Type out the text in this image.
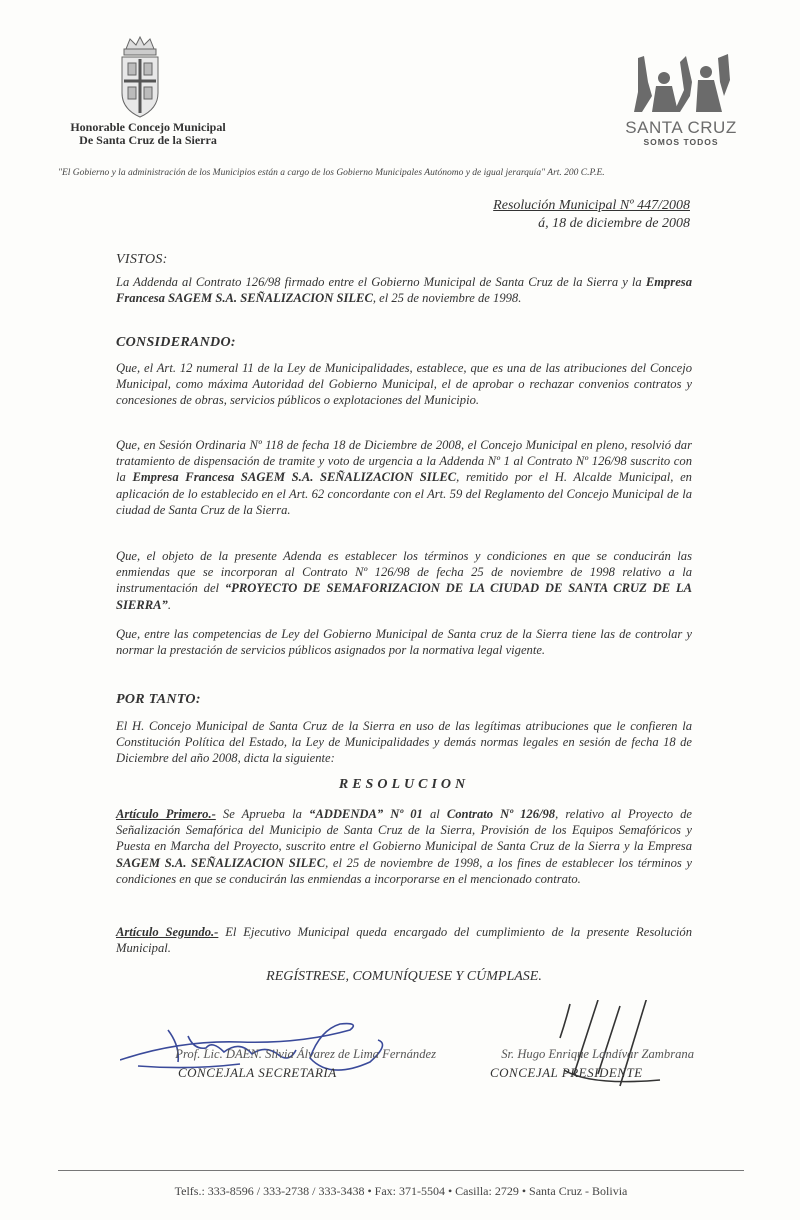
Honorable Concejo Municipal
De Santa Cruz de la Sierra
SANTA CRUZ
SOMOS TODOS
"El Gobierno y la administración de los Municipios están a cargo de los Gobierno Municipales Autónomo y de igual jerarquía" Art. 200 C.P.E.
Resolución Municipal Nº 447/2008
á, 18 de diciembre de 2008
VISTOS:
La Addenda al Contrato 126/98 firmado entre el Gobierno Municipal de Santa Cruz de la Sierra y la Empresa Francesa SAGEM S.A. SEÑALIZACION SILEC, el 25 de noviembre de 1998.
CONSIDERANDO:
Que, el Art. 12 numeral 11 de la Ley de Municipalidades, establece, que es una de las atribuciones del Concejo Municipal, como máxima Autoridad del Gobierno Municipal, el de aprobar o rechazar convenios contratos y concesiones de obras, servicios públicos o explotaciones del Municipio.
Que, en Sesión Ordinaria Nº 118 de fecha 18 de Diciembre de 2008, el Concejo Municipal en pleno, resolvió dar tratamiento de dispensación de tramite y voto de urgencia a la Addenda Nº 1 al Contrato Nº 126/98 suscrito con la Empresa Francesa SAGEM S.A. SEÑALIZACION SILEC, remitido por el H. Alcalde Municipal, en aplicación de lo establecido en el Art. 62 concordante con el Art. 59 del Reglamento del Concejo Municipal de la ciudad de Santa Cruz de la Sierra.
Que, el objeto de la presente Adenda es establecer los términos y condiciones en que se conducirán las enmiendas que se incorporan al Contrato Nº 126/98 de fecha 25 de noviembre de 1998 relativo a la instrumentación del “PROYECTO DE SEMAFORIZACION DE LA CIUDAD DE SANTA CRUZ DE LA SIERRA”.
Que, entre las competencias de Ley del Gobierno Municipal de Santa cruz de la Sierra tiene las de controlar y normar la prestación de servicios públicos asignados por la normativa legal vigente.
POR TANTO:
El H. Concejo Municipal de Santa Cruz de la Sierra en uso de las legítimas atribuciones que le confieren la Constitución Política del Estado, la Ley de Municipalidades y demás normas legales en sesión de fecha 18 de Diciembre del año 2008, dicta la siguiente:
RESOLUCION
Artículo Primero.- Se Aprueba la “ADDENDA” Nº 01 al Contrato Nº 126/98, relativo al Proyecto de Señalización Semafórica del Municipio de Santa Cruz de la Sierra, Provisión de los Equipos Semafóricos y Puesta en Marcha del Proyecto, suscrito entre el Gobierno Municipal de Santa Cruz de la Sierra y la Empresa SAGEM S.A. SEÑALIZACION SILEC, el 25 de noviembre de 1998, a los fines de establecer los términos y condiciones en que se conducirán las enmiendas a incorporarse en el mencionado contrato.
Artículo Segundo.- El Ejecutivo Municipal queda encargado del cumplimiento de la presente Resolución Municipal.
REGÍSTRESE, COMUNÍQUESE Y CÚMPLASE.
Prof. Lic. DAEN. Silvia Álvarez de Lima Fernández
CONCEJALA SECRETARIA
Sr. Hugo Enrique Landívar Zambrana
CONCEJAL PRESIDENTE
Telfs.: 333-8596 / 333-2738 / 333-3438 • Fax: 371-5504 • Casilla: 2729 • Santa Cruz - Bolivia
